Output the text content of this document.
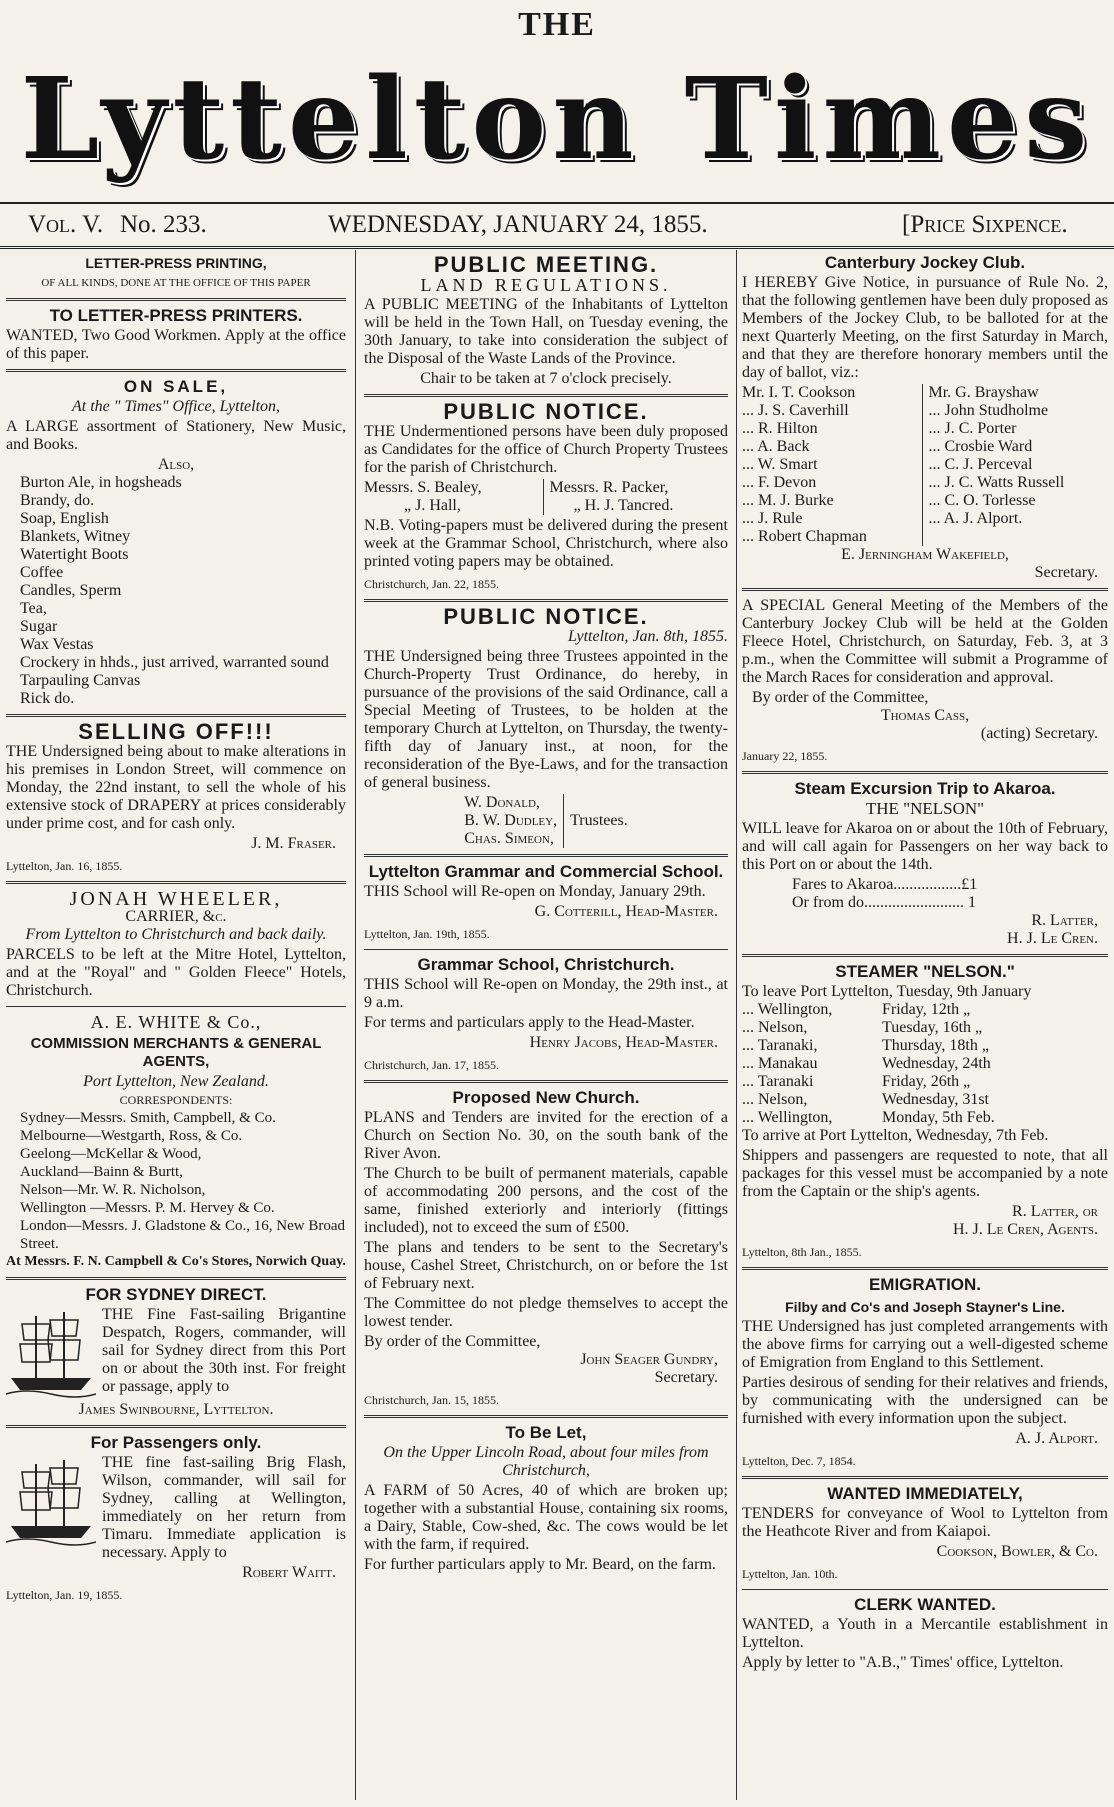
THE
Lyttelton Times
Vol. V. No. 233.	WEDNESDAY, JANUARY 24, 1855.	[Price Sixpence.
LETTER-PRESS PRINTING,
OF ALL KINDS, DONE AT THE OFFICE OF THIS PAPER
TO LETTER-PRESS PRINTERS.
WANTED, Two Good Workmen. Apply at the office of this paper.
ON SALE,
At the " Times" Office, Lyttelton,
A LARGE assortment of Stationery, New Music, and Books.
Also,
Burton Ale, in hogsheads
Brandy, do.
Soap, English
Blankets, Witney
Watertight Boots
Coffee
Candles, Sperm
Tea,
Sugar
Wax Vestas
Crockery in hhds., just arrived, warranted sound
Tarpauling Canvas
Rick do.
SELLING OFF!!!
THE Undersigned being about to make alterations in his premises in London Street, will commence on Monday, the 22nd instant, to sell the whole of his extensive stock of DRAPERY at prices considerably under prime cost, and for cash only.
J. M. Fraser.
Lyttelton, Jan. 16, 1855.
JONAH WHEELER,
CARRIER, &c.
From Lyttelton to Christchurch and back daily.
PARCELS to be left at the Mitre Hotel, Lyttelton, and at the "Royal" and " Golden Fleece" Hotels, Christchurch.
A. E. WHITE & Co.,
COMMISSION MERCHANTS & GENERAL AGENTS,
Port Lyttelton, New Zealand.
CORRESPONDENTS:
Sydney—Messrs. Smith, Campbell, & Co.
Melbourne—Westgarth, Ross, & Co.
Geelong—McKellar & Wood,
Auckland—Bainn & Burtt,
Nelson—Mr. W. R. Nicholson,
Wellington —Messrs. P. M. Hervey & Co.
London—Messrs. J. Gladstone & Co., 16, New Broad Street.
At Messrs. F. N. Campbell & Co's Stores, Norwich Quay.
FOR SYDNEY DIRECT.
THE Fine Fast-sailing Brigantine Despatch, Rogers, commander, will sail for Sydney direct from this Port on or about the 30th inst. For freight or passage, apply to
James Swinbourne, Lyttelton.
For Passengers only.
THE fine fast-sailing Brig Flash, Wilson, commander, will sail for Sydney, calling at Wellington, immediately on her return from Timaru. Immediate application is necessary. Apply to
Robert Waitt.
Lyttelton, Jan. 19, 1855.
PUBLIC MEETING.
LAND REGULATIONS.
A PUBLIC MEETING of the Inhabitants of Lyttelton will be held in the Town Hall, on Tuesday evening, the 30th January, to take into consideration the subject of the Disposal of the Waste Lands of the Province.
Chair to be taken at 7 o'clock precisely.
PUBLIC NOTICE.
THE Undermentioned persons have been duly proposed as Candidates for the office of Church Property Trustees for the parish of Christchurch.
Messrs. S. Bealey,
„ J. Hall,
Messrs. R. Packer,
„ H. J. Tancred.
N.B. Voting-papers must be delivered during the present week at the Grammar School, Christchurch, where also printed voting papers may be obtained.
Christchurch, Jan. 22, 1855.
PUBLIC NOTICE.
Lyttelton, Jan. 8th, 1855.
THE Undersigned being three Trustees appointed in the Church-Property Trust Ordinance, do hereby, in pursuance of the provisions of the said Ordinance, call a Special Meeting of Trustees, to be holden at the temporary Church at Lyttelton, on Thursday, the twenty-fifth day of January inst., at noon, for the reconsideration of the Bye-Laws, and for the transaction of general business.
W. Donald,
B. W. Dudley,
Chas. Simeon,
Trustees.
Lyttelton Grammar and Commercial School.
THIS School will Re-open on Monday, January 29th.
G. Cotterill, Head-Master.
Lyttelton, Jan. 19th, 1855.
Grammar School, Christchurch.
THIS School will Re-open on Monday, the 29th inst., at 9 a.m.
For terms and particulars apply to the Head-Master.
Henry Jacobs, Head-Master.
Christchurch, Jan. 17, 1855.
Proposed New Church.
PLANS and Tenders are invited for the erection of a Church on Section No. 30, on the south bank of the River Avon.
The Church to be built of permanent materials, capable of accommodating 200 persons, and the cost of the same, finished exteriorly and interiorly (fittings included), not to exceed the sum of £500.
The plans and tenders to be sent to the Secretary's house, Cashel Street, Christchurch, on or before the 1st of February next.
The Committee do not pledge themselves to accept the lowest tender.
By order of the Committee,
John Seager Gundry,
Secretary.
Christchurch, Jan. 15, 1855.
To Be Let,
On the Upper Lincoln Road, about four miles from Christchurch,
A FARM of 50 Acres, 40 of which are broken up; together with a substantial House, containing six rooms, a Dairy, Stable, Cow-shed, &c. The cows would be let with the farm, if required.
For further particulars apply to Mr. Beard, on the farm.
Canterbury Jockey Club.
I HEREBY Give Notice, in pursuance of Rule No. 2, that the following gentlemen have been duly proposed as Members of the Jockey Club, to be balloted for at the next Quarterly Meeting, on the first Saturday in March, and that they are therefore honorary members until the day of ballot, viz.:
Mr. I. T. Cookson
... J. S. Caverhill
... R. Hilton
... A. Back
... W. Smart
... F. Devon
... M. J. Burke
... J. Rule
... Robert Chapman
Mr. G. Brayshaw
... John Studholme
... J. C. Porter
... Crosbie Ward
... C. J. Perceval
... J. C. Watts Russell
... C. O. Torlesse
... A. J. Alport.
E. Jerningham Wakefield,
Secretary.
A SPECIAL General Meeting of the Members of the Canterbury Jockey Club will be held at the Golden Fleece Hotel, Christchurch, on Saturday, Feb. 3, at 3 p.m., when the Committee will submit a Programme of the March Races for consideration and approval.
By order of the Committee,
Thomas Cass,
(acting) Secretary.
January 22, 1855.
Steam Excursion Trip to Akaroa.
THE "NELSON"
WILL leave for Akaroa on or about the 10th of February, and will call again for Passengers on her way back to this Port on or about the 14th.
Fares to Akaroa.................£1
Or from do......................... 1
R. Latter,
H. J. Le Cren.
STEAMER "NELSON."
To leave Port Lyttelton, Tuesday, 9th January
... Wellington,	Friday, 12th „
... Nelson,	Tuesday, 16th „
... Taranaki,	Thursday, 18th „
... Manakau	Wednesday, 24th
... Taranaki	Friday, 26th „
... Nelson,	Wednesday, 31st
... Wellington,	Monday, 5th Feb.
To arrive at Port Lyttelton, Wednesday, 7th Feb.
Shippers and passengers are requested to note, that all packages for this vessel must be accompanied by a note from the Captain or the ship's agents.
R. Latter, or
H. J. Le Cren, Agents.
Lyttelton, 8th Jan., 1855.
EMIGRATION.
Filby and Co's and Joseph Stayner's Line.
THE Undersigned has just completed arrangements with the above firms for carrying out a well-digested scheme of Emigration from England to this Settlement.
Parties desirous of sending for their relatives and friends, by communicating with the undersigned can be furnished with every information upon the subject.
A. J. Alport.
Lyttelton, Dec. 7, 1854.
WANTED IMMEDIATELY,
TENDERS for conveyance of Wool to Lyttelton from the Heathcote River and from Kaiapoi.
Cookson, Bowler, & Co.
Lyttelton, Jan. 10th.
CLERK WANTED.
WANTED, a Youth in a Mercantile establishment in Lyttelton.
Apply by letter to "A.B.," Times' office, Lyttelton.
